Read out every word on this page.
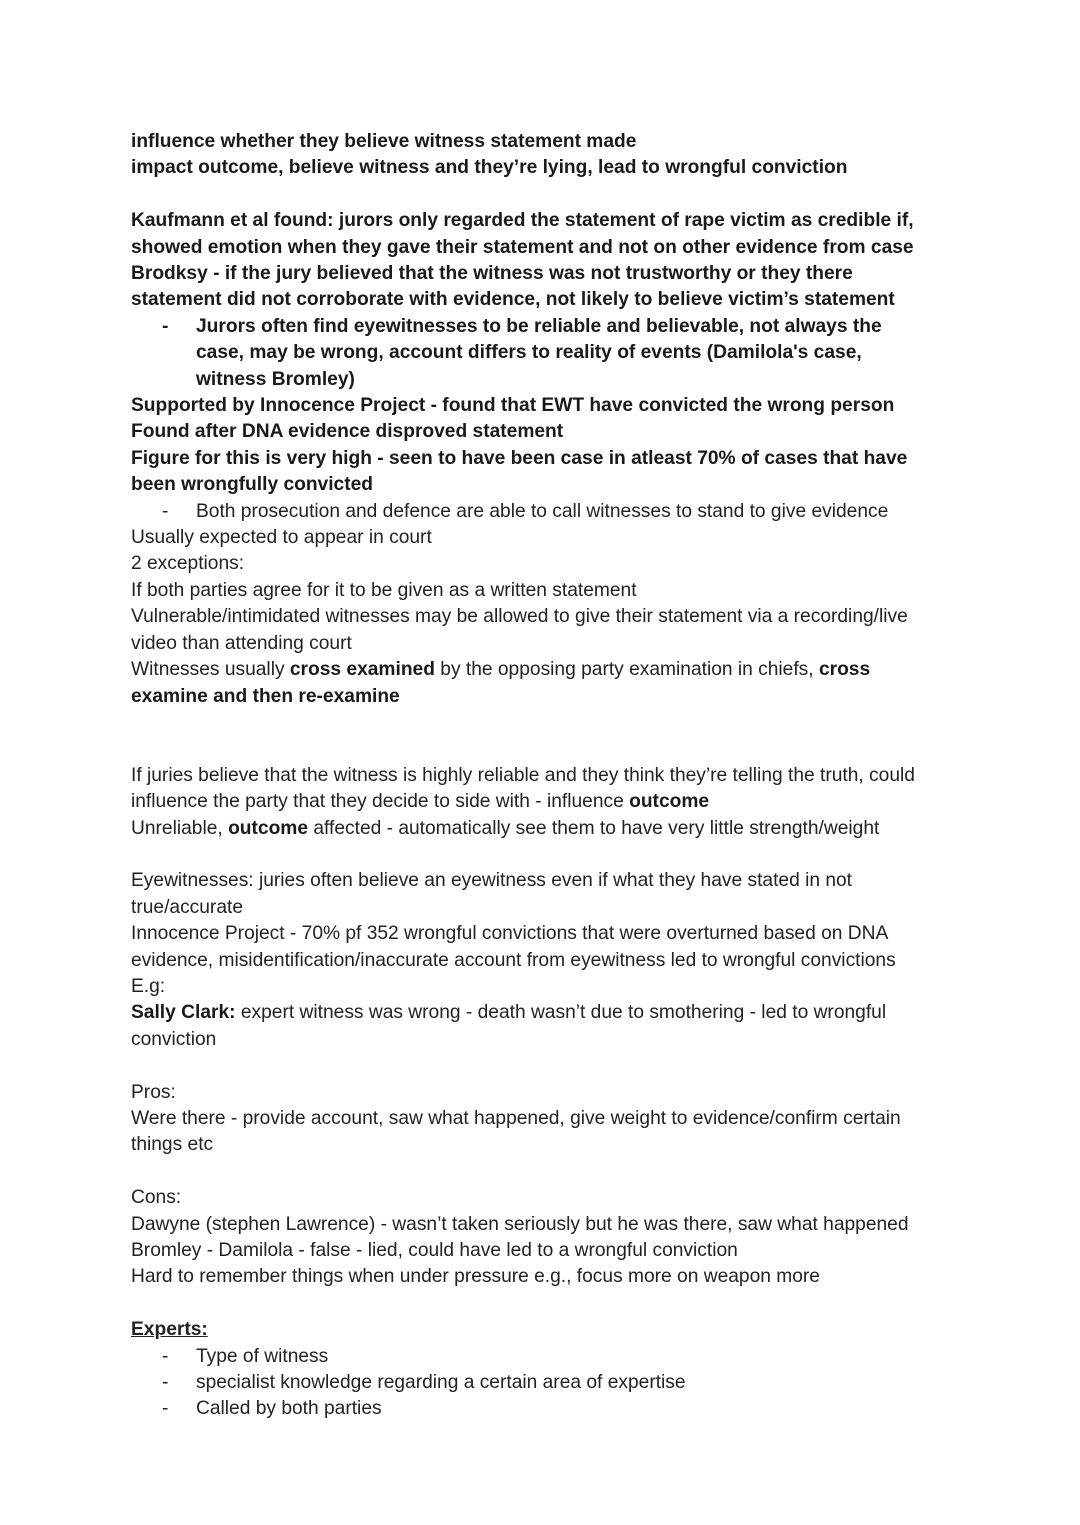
influence whether they believe witness statement made
impact outcome, believe witness and they’re lying, lead to wrongful conviction
Kaufmann et al found: jurors only regarded the statement of rape victim as credible if,
showed emotion when they gave their statement and not on other evidence from case
Brodksy - if the jury believed that the witness was not trustworthy or they there
statement did not corroborate with evidence, not likely to believe victim’s statement
- Jurors often find eyewitnesses to be reliable and believable, not always the
case, may be wrong, account differs to reality of events (Damilola's case,
witness Bromley)
Supported by Innocence Project - found that EWT have convicted the wrong person
Found after DNA evidence disproved statement
Figure for this is very high - seen to have been case in atleast 70% of cases that have
been wrongfully convicted
- Both prosecution and defence are able to call witnesses to stand to give evidence
Usually expected to appear in court
2 exceptions:
If both parties agree for it to be given as a written statement
Vulnerable/intimidated witnesses may be allowed to give their statement via a recording/live
video than attending court
Witnesses usually cross examined by the opposing party examination in chiefs, cross
examine and then re-examine
If juries believe that the witness is highly reliable and they think they’re telling the truth, could
influence the party that they decide to side with - influence outcome
Unreliable, outcome affected - automatically see them to have very little strength/weight
Eyewitnesses: juries often believe an eyewitness even if what they have stated in not
true/accurate
Innocence Project - 70% pf 352 wrongful convictions that were overturned based on DNA
evidence, misidentification/inaccurate account from eyewitness led to wrongful convictions
E.g:
Sally Clark: expert witness was wrong - death wasn’t due to smothering - led to wrongful
conviction
Pros:
Were there - provide account, saw what happened, give weight to evidence/confirm certain
things etc
Cons:
Dawyne (stephen Lawrence) - wasn’t taken seriously but he was there, saw what happened
Bromley - Damilola - false - lied, could have led to a wrongful conviction
Hard to remember things when under pressure e.g., focus more on weapon more
Experts:
- Type of witness
- specialist knowledge regarding a certain area of expertise
- Called by both parties
